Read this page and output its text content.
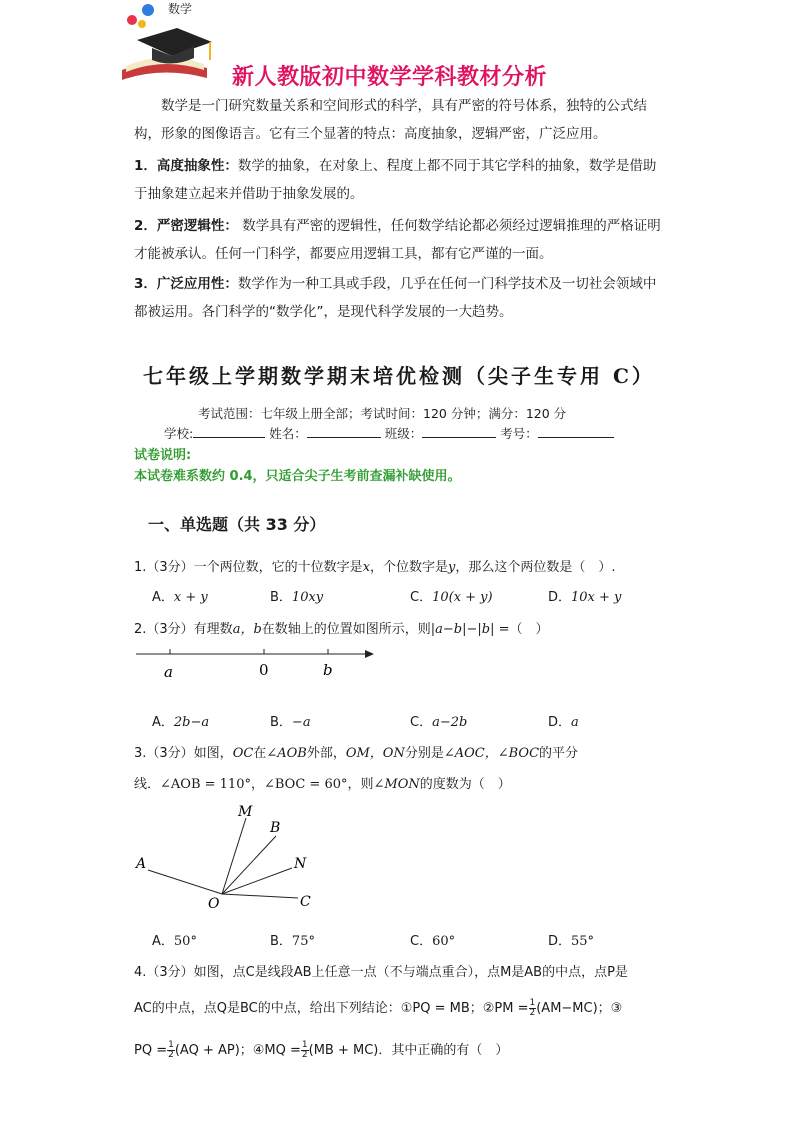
数学
新人教版初中数学学科教材分析
数学是一门研究数量关系和空间形式的科学，具有严密的符号体系，独特的公式结构，形象的图像语言。它有三个显著的特点：高度抽象，逻辑严密，广泛应用。
1．高度抽象性：数学的抽象，在对象上、程度上都不同于其它学科的抽象，数学是借助于抽象建立起来并借助于抽象发展的。
2．严密逻辑性： 数学具有严密的逻辑性，任何数学结论都必须经过逻辑推理的严格证明才能被承认。任何一门科学，都要应用逻辑工具，都有它严谨的一面。
3．广泛应用性：数学作为一种工具或手段，几乎在任何一门科学技术及一切社会领域中都被运用。各门科学的“数学化”，是现代科学发展的一大趋势。
七年级上学期数学期末培优检测（尖子生专用 C）
考试范围：七年级上册全部；考试时间：120 分钟；满分：120 分
学校:	姓名：	班级：	考号：
试卷说明:
本试卷难系数约 0.4，只适合尖子生考前查漏补缺使用。
一、单选题（共 33 分）
1.（3分）一个两位数，它的十位数字是x，个位数字是y，那么这个两位数是（　）.
A．x + y	B．10xy	C．10(x + y)	D．10x + y
2.（3分）有理数a，b在数轴上的位置如图所示，则|a−b|−|b| =（　）
a	0	b
A．2b−a	B．−a	C．a−2b	D．a
3.（3分）如图，OC在∠AOB外部，OM，ON分别是∠AOC，∠BOC的平分
线．∠AOB = 110°，∠BOC = 60°，则∠MON的度数为（　）
M
B
A	N
O	C
A．50°	B．75°	C．60°	D．55°
4.（3分）如图，点C是线段AB上任意一点（不与端点重合），点M是AB的中点，点P是
AC的中点，点Q是BC的中点，给出下列结论：①PQ = MB；②PM = $\frac{1}{2} (AM-MC)$；③
PQ = $\frac{1}{2} (AQ + AP)$；④MQ = $\frac{1}{2} (MB + MC)$．其中正确的有（　）
